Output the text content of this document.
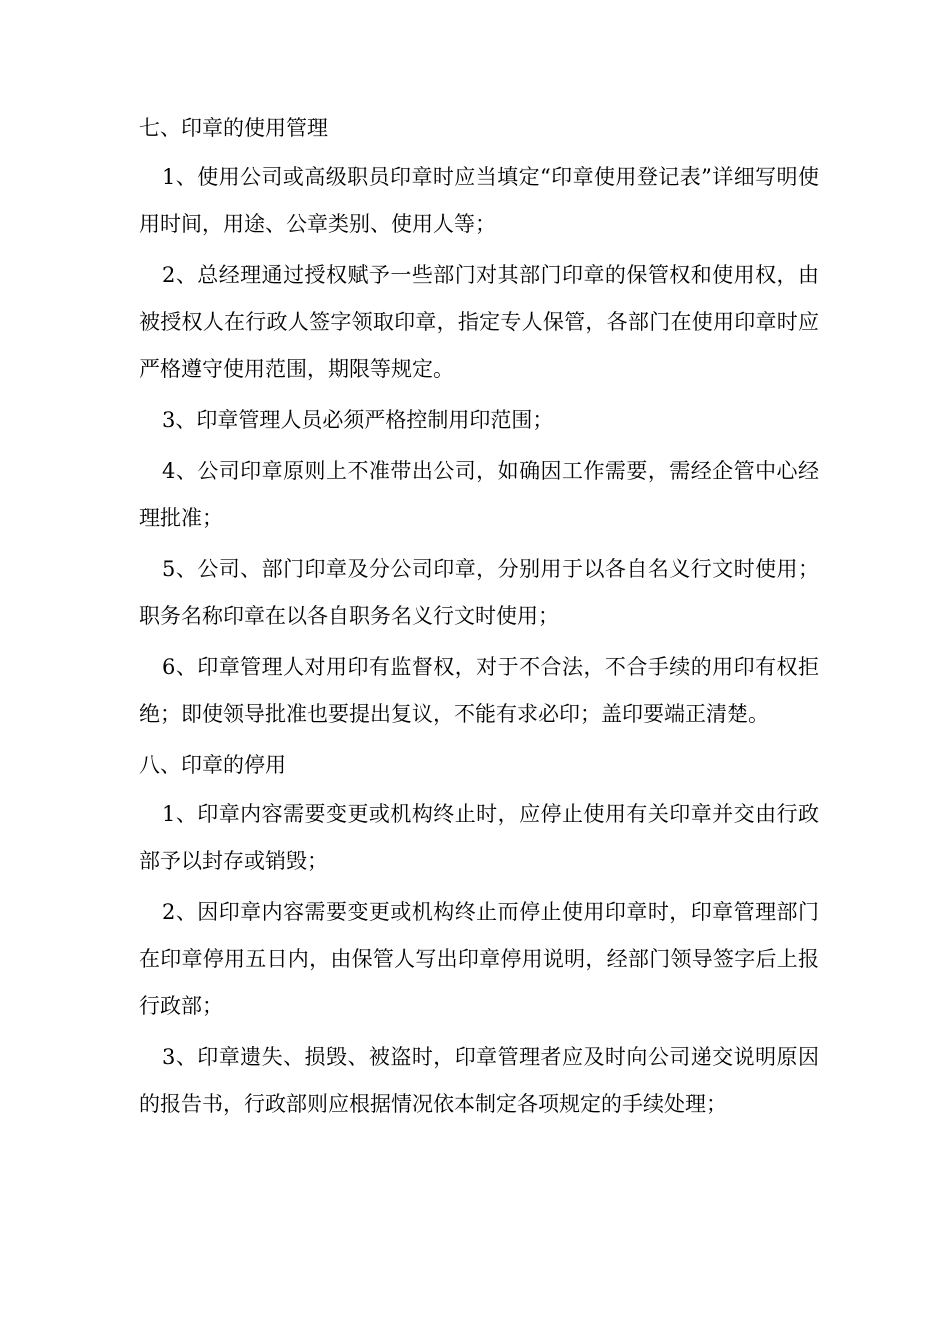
七、印章的使用管理
1、使用公司或高级职员印章时应当填定“印章使用登记表”详细写明使用时间，用途、公章类别、使用人等；
2、总经理通过授权赋予一些部门对其部门印章的保管权和使用权，由被授权人在行政人签字领取印章，指定专人保管，各部门在使用印章时应严格遵守使用范围，期限等规定。
3、印章管理人员必须严格控制用印范围；
4、公司印章原则上不准带出公司，如确因工作需要，需经企管中心经理批准；
5、公司、部门印章及分公司印章，分别用于以各自名义行文时使用；职务名称印章在以各自职务名义行文时使用；
6、印章管理人对用印有监督权，对于不合法，不合手续的用印有权拒绝；即使领导批准也要提出复议，不能有求必印；盖印要端正清楚。
八、印章的停用
1、印章内容需要变更或机构终止时，应停止使用有关印章并交由行政部予以封存或销毁；
2、因印章内容需要变更或机构终止而停止使用印章时，印章管理部门在印章停用五日内，由保管人写出印章停用说明，经部门领导签字后上报行政部；
3、印章遗失、损毁、被盗时，印章管理者应及时向公司递交说明原因的报告书，行政部则应根据情况依本制定各项规定的手续处理；
